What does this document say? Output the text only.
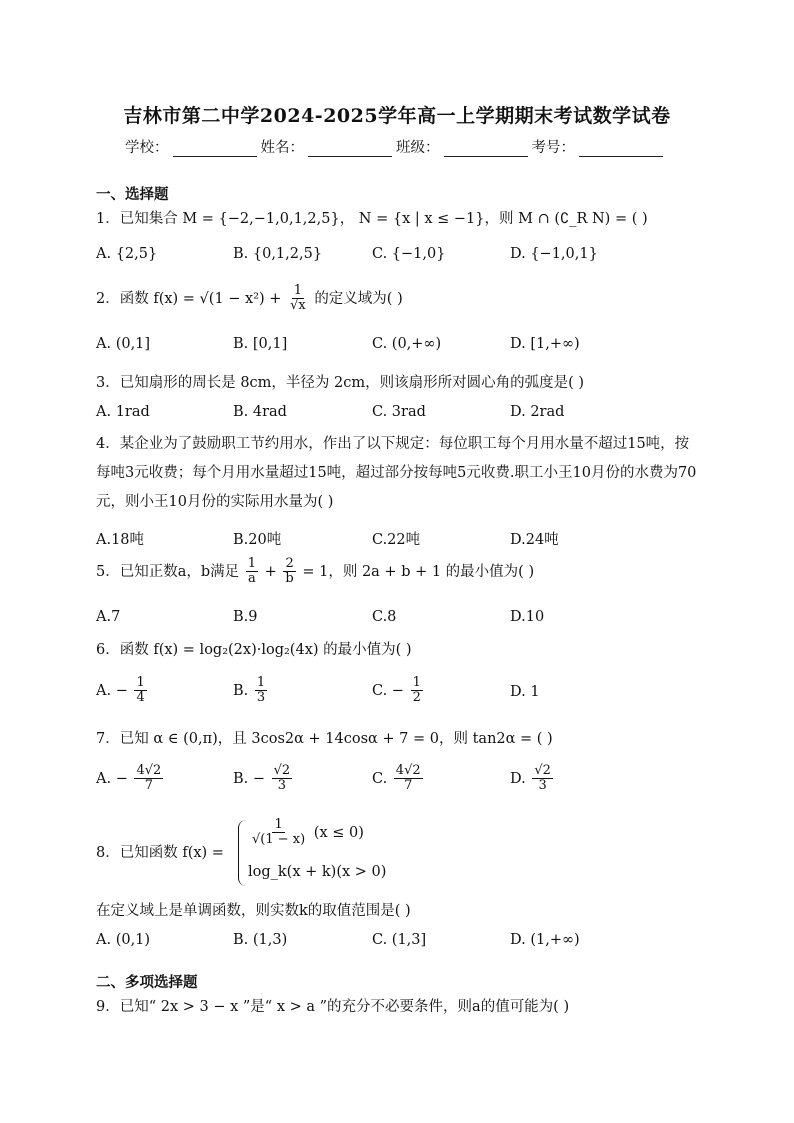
吉林市第二中学2024-2025学年高一上学期期末考试数学试卷
学校：	姓名：	班级：	考号：
一、选择题
1．已知集合 M = {−2,−1,0,1,2,5}， N = {x | x ≤ −1}，则 M ∩ (∁_R N) = ( )
A. {2,5}	B. {0,1,2,5}	C. {−1,0}	D. {−1,0,1}
2．函数 $f(x) = √(1 - x^2) + \frac{1}{√x}$ 的定义域为( )
A. (0,1]	B. [0,1]	C. (0,+∞)	D. [1,+∞)
3．已知扇形的周长是 8cm，半径为 2cm，则该扇形所对圆心角的弧度是( )
A. 1rad	B. 4rad	C. 3rad	D. 2rad
4．某企业为了鼓励职工节约用水，作出了以下规定：每位职工每个月用水量不超过15吨，按每吨3元收费；每个月用水量超过15吨，超过部分按每吨5元收费.职工小王10月份的水费为70元，则小王10月份的实际用水量为( )
A.18吨	B.20吨	C.22吨	D.24吨
5．已知正数a，b满足 $\frac{1}{a} + \frac{2}{b} = 1$，则 2a + b + 1 的最小值为( )
A.7	B.9	C.8	D.10
6．函数 f(x) = log₂(2x)·log₂(4x) 的最小值为( )
A. − $\frac{1}{4}$	B. $\frac{1}{3}$	C. − $\frac{1}{2}$	D. 1
7．已知 α ∈ (0,π)，且 3cos2α + 14cosα + 7 = 0，则 tan2α = ( )
A. − $\frac{4√2}{7}$	B. − $\frac{√2}{3}$	C. $\frac{4√2}{7}$	D. $\frac{√2}{3}$
8．已知函数 f(x) =
$\frac{1}{√(1 - x)} (x \le 0)$
log_k(x + k)(x > 0)
在定义域上是单调函数，则实数k的取值范围是( )
A. (0,1)	B. (1,3)	C. (1,3]	D. (1,+∞)
二、多项选择题
9．已知“ 2x > 3 − x ”是“ x > a ”的充分不必要条件，则a的值可能为( )
